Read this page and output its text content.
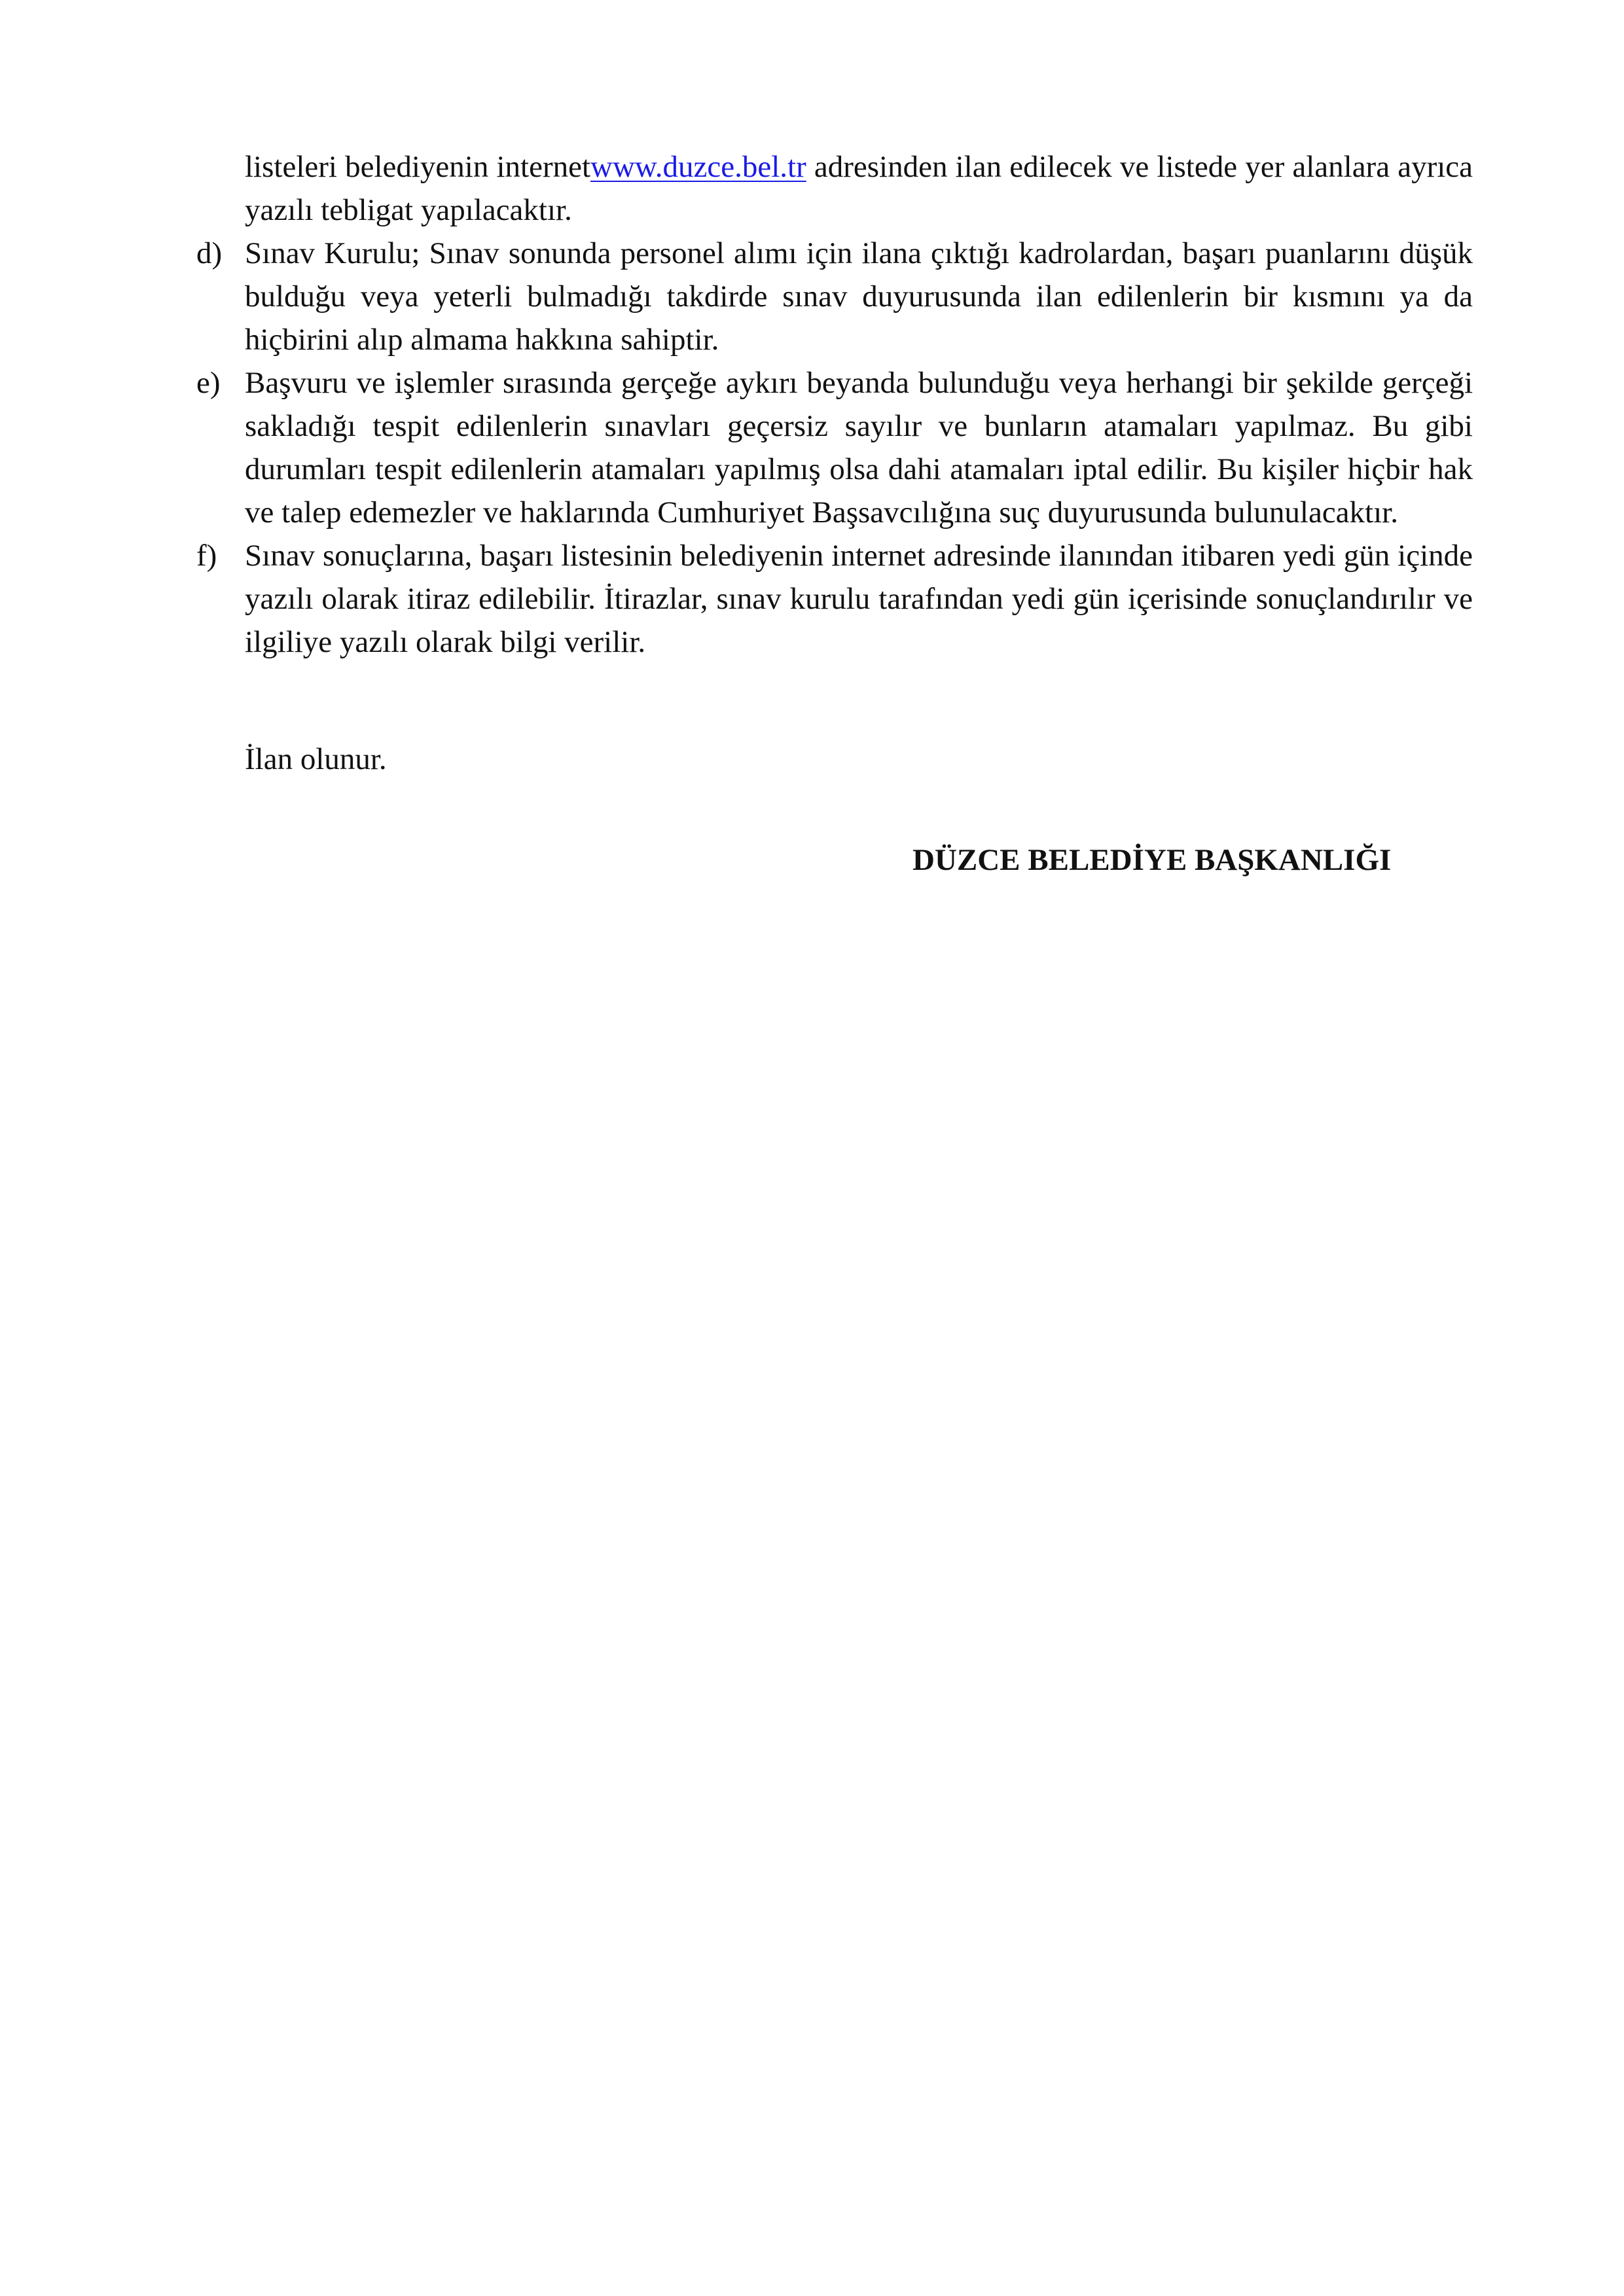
listeleri belediyenin internetwww.duzce.bel.tr adresinden ilan edilecek ve listede yer alanlara ayrıca yazılı tebligat yapılacaktır.

d) Sınav Kurulu; Sınav sonunda personel alımı için ilana çıktığı kadrolardan, başarı puanlarını düşük bulduğu veya yeterli bulmadığı takdirde sınav duyurusunda ilan edilenlerin bir kısmını ya da hiçbirini alıp almama hakkına sahiptir.
e) Başvuru ve işlemler sırasında gerçeğe aykırı beyanda bulunduğu veya herhangi bir şekilde gerçeği sakladığı tespit edilenlerin sınavları geçersiz sayılır ve bunların atamaları yapılmaz. Bu gibi durumları tespit edilenlerin atamaları yapılmış olsa dahi atamaları iptal edilir. Bu kişiler hiçbir hak ve talep edemezler ve haklarında Cumhuriyet Başsavcılığına suç duyurusunda bulunulacaktır.
f) Sınav sonuçlarına, başarı listesinin belediyenin internet adresinde ilanından itibaren yedi gün içinde yazılı olarak itiraz edilebilir. İtirazlar, sınav kurulu tarafından yedi gün içerisinde sonuçlandırılır ve ilgiliye yazılı olarak bilgi verilir.

İlan olunur.

DÜZCE BELEDİYE BAŞKANLIĞI
